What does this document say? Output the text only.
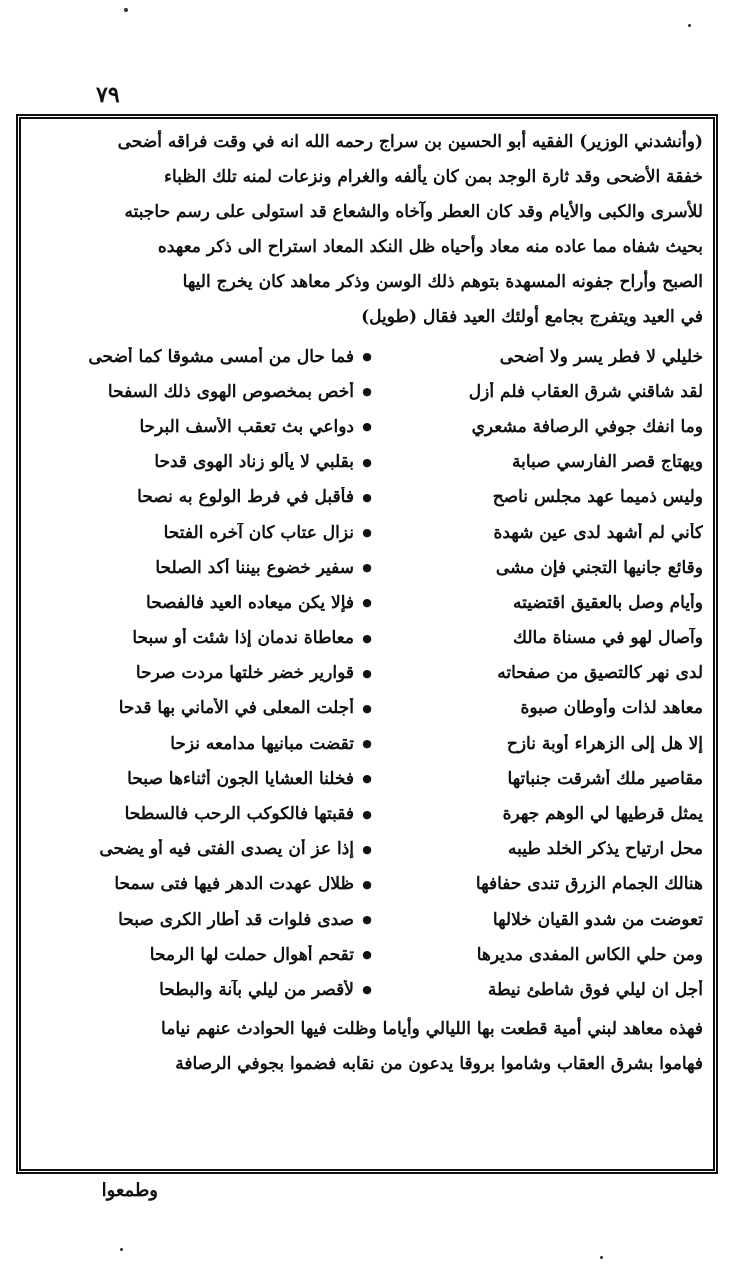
٧٩

(وأنشدني الوزير) الفقيه أبو الحسين بن سراج رحمه الله انه في وقت فراقه أضحى

خفقة الأضحى وقد ثارة الوجد بمن كان يألفه والغرام ونزعات لمنه تلك الظباء

للأسرى والكبى والأيام وقد كان العطر وآخاه والشعاع قد استولى على رسم حاجبته

بحيث شفاه مما عاده منه معاد وأحياه ظل النكد المعاد استراح الى ذكر معهده

الصبح وأراح جفونه المسهدة بتوهم ذلك الوسن وذكر معاهد كان يخرج اليها

في العيد ويتفرج بجامع أولئك العيد فقال (طويل)

خليلي لا فطر يسر ولا أضحى
●
فما حال من أمسى مشوقا كما أضحى
لقد شاقني شرق العقاب فلم أزل
●
أخص بمخصوص الهوى ذلك السفحا
وما انفك جوفي الرصافة مشعري
●
دواعي بث تعقب الأسف البرحا
ويهتاج قصر الفارسي صبابة
●
بقلبي لا يألو زناد الهوى قدحا
وليس ذميما عهد مجلس ناصح
●
فأقبل في فرط الولوع به نصحا
كأني لم أشهد لدى عين شهدة
●
نزال عتاب كان آخره الفتحا
وقائع جانيها التجني فإن مشى
●
سفير خضوع بيننا أكد الصلحا
وأيام وصل بالعقيق اقتضيته
●
فإلا يكن ميعاده العيد فالفصحا
وآصال لهو في مسناة مالك
●
معاطاة ندمان إذا شئت أو سبحا
لدى نهر كالتصيق من صفحاته
●
قوارير خضر خلتها مردت صرحا
معاهد لذات وأوطان صبوة
●
أجلت المعلى في الأماني بها قدحا
إلا هل إلى الزهراء أوبة نازح
●
تقضت مبانيها مدامعه نزحا
مقاصير ملك أشرقت جنباتها
●
فخلنا العشايا الجون أثناءها صبحا
يمثل قرطيها لي الوهم جهرة
●
فقبتها فالكوكب الرحب فالسطحا
محل ارتياح يذكر الخلد طيبه
●
إذا عز أن يصدى الفتى فيه أو يضحى
هنالك الجمام الزرق تندى حفافها
●
ظلال عهدت الدهر فيها فتى سمحا
تعوضت من شدو القيان خلالها
●
صدى فلوات قد أطار الكرى صبحا
ومن حلي الكاس المفدى مديرها
●
تقحم أهوال حملت لها الرمحا
أجل ان ليلي فوق شاطئ نيطة
●
لأقصر من ليلي بآنة والبطحا
فهذه معاهد لبني أمية قطعت بها الليالي وأياما وظلت فيها الحوادث عنهم نياما
فهاموا بشرق العقاب وشاموا بروقا يدعون من نقابه فضموا بجوفي الرصافة
وطمعوا
